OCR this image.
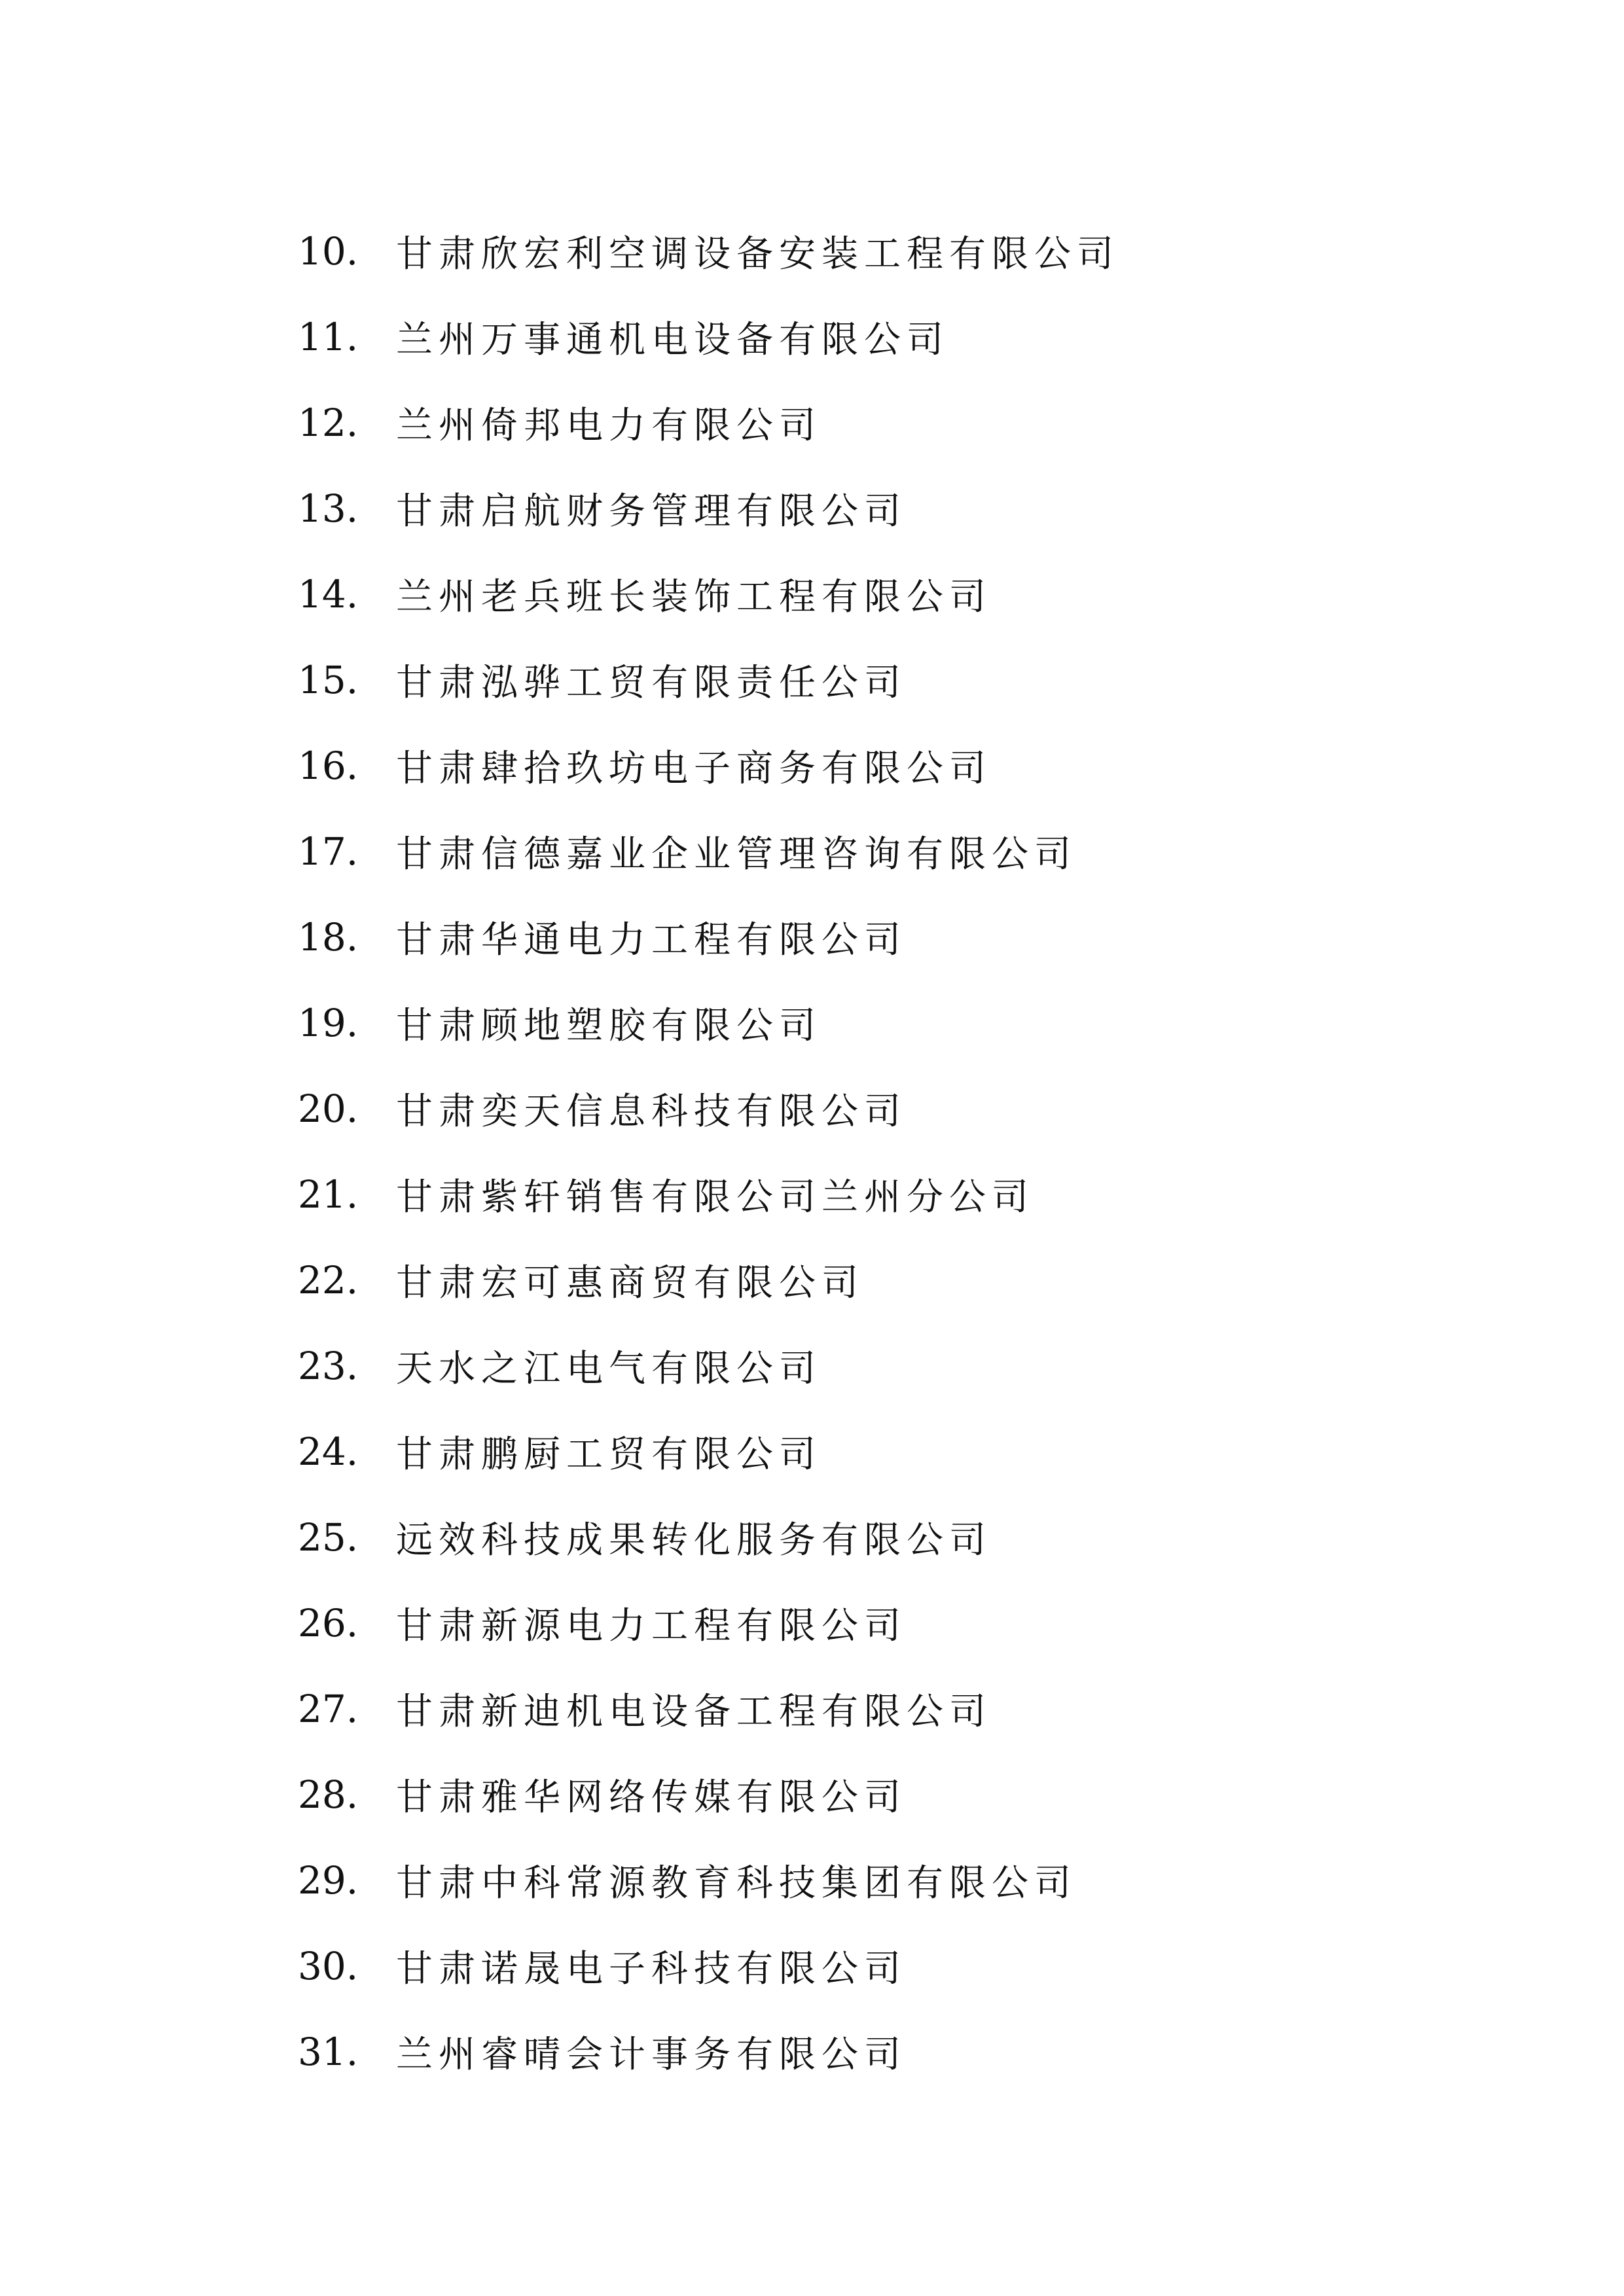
10.	甘肃欣宏利空调设备安装工程有限公司
11.	兰州万事通机电设备有限公司
12.	兰州倚邦电力有限公司
13.	甘肃启航财务管理有限公司
14.	兰州老兵班长装饰工程有限公司
15.	甘肃泓骅工贸有限责任公司
16.	甘肃肆拾玖坊电子商务有限公司
17.	甘肃信德嘉业企业管理咨询有限公司
18.	甘肃华通电力工程有限公司
19.	甘肃顾地塑胶有限公司
20.	甘肃奕天信息科技有限公司
21.	甘肃紫轩销售有限公司兰州分公司
22.	甘肃宏可惠商贸有限公司
23.	天水之江电气有限公司
24.	甘肃鹏厨工贸有限公司
25.	远效科技成果转化服务有限公司
26.	甘肃新源电力工程有限公司
27.	甘肃新迪机电设备工程有限公司
28.	甘肃雅华网络传媒有限公司
29.	甘肃中科常源教育科技集团有限公司
30.	甘肃诺晟电子科技有限公司
31.	兰州睿晴会计事务有限公司
